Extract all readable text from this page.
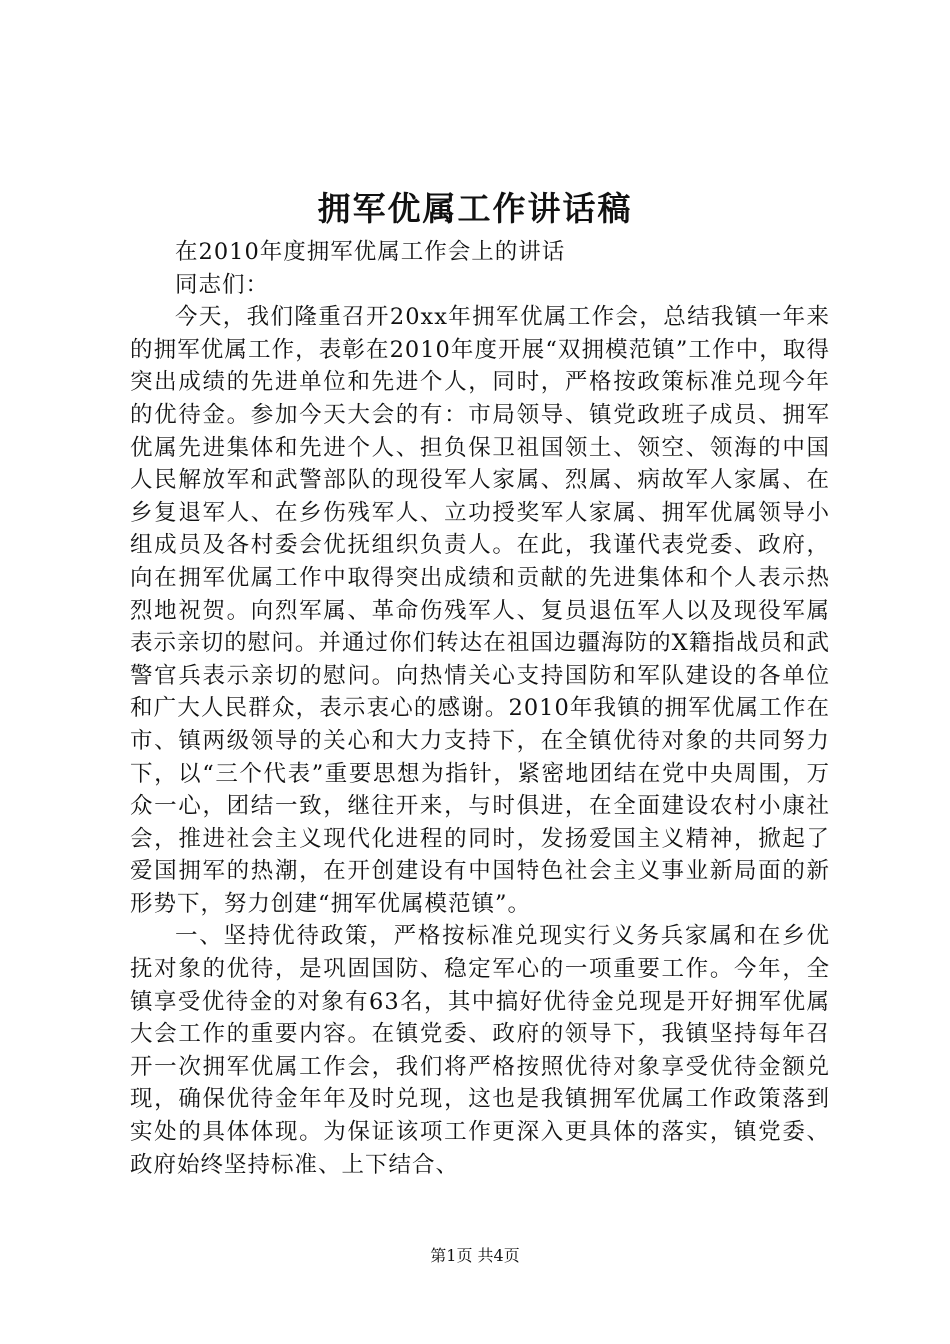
拥军优属工作讲话稿

在2010年度拥军优属工作会上的讲话

同志们：

今天，我们隆重召开20xx年拥军优属工作会，总结我镇一年来的拥军优属工作，表彰在2010年度开展“双拥模范镇”工作中，取得突出成绩的先进单位和先进个人，同时，严格按政策标准兑现今年的优待金。参加今天大会的有：市局领导、镇党政班子成员、拥军优属先进集体和先进个人、担负保卫祖国领土、领空、领海的中国人民解放军和武警部队的现役军人家属、烈属、病故军人家属、在乡复退军人、在乡伤残军人、立功授奖军人家属、拥军优属领导小组成员及各村委会优抚组织负责人。在此，我谨代表党委、政府，向在拥军优属工作中取得突出成绩和贡献的先进集体和个人表示热烈地祝贺。向烈军属、革命伤残军人、复员退伍军人以及现役军属表示亲切的慰问。并通过你们转达在祖国边疆海防的X籍指战员和武警官兵表示亲切的慰问。向热情关心支持国防和军队建设的各单位和广大人民群众，表示衷心的感谢。2010年我镇的拥军优属工作在市、镇两级领导的关心和大力支持下，在全镇优待对象的共同努力下，以“三个代表”重要思想为指针，紧密地团结在党中央周围，万众一心，团结一致，继往开来，与时俱进，在全面建设农村小康社会，推进社会主义现代化进程的同时，发扬爱国主义精神，掀起了爱国拥军的热潮，在开创建设有中国特色社会主义事业新局面的新形势下，努力创建“拥军优属模范镇”。

一、坚持优待政策，严格按标准兑现实行义务兵家属和在乡优抚对象的优待，是巩固国防、稳定军心的一项重要工作。今年，全镇享受优待金的对象有63名，其中搞好优待金兑现是开好拥军优属大会工作的重要内容。在镇党委、政府的领导下，我镇坚持每年召开一次拥军优属工作会，我们将严格按照优待对象享受优待金额兑现，确保优待金年年及时兑现，这也是我镇拥军优属工作政策落到实处的具体体现。为保证该项工作更深入更具体的落实，镇党委、政府始终坚持标准、上下结合、

第1页 共4页
